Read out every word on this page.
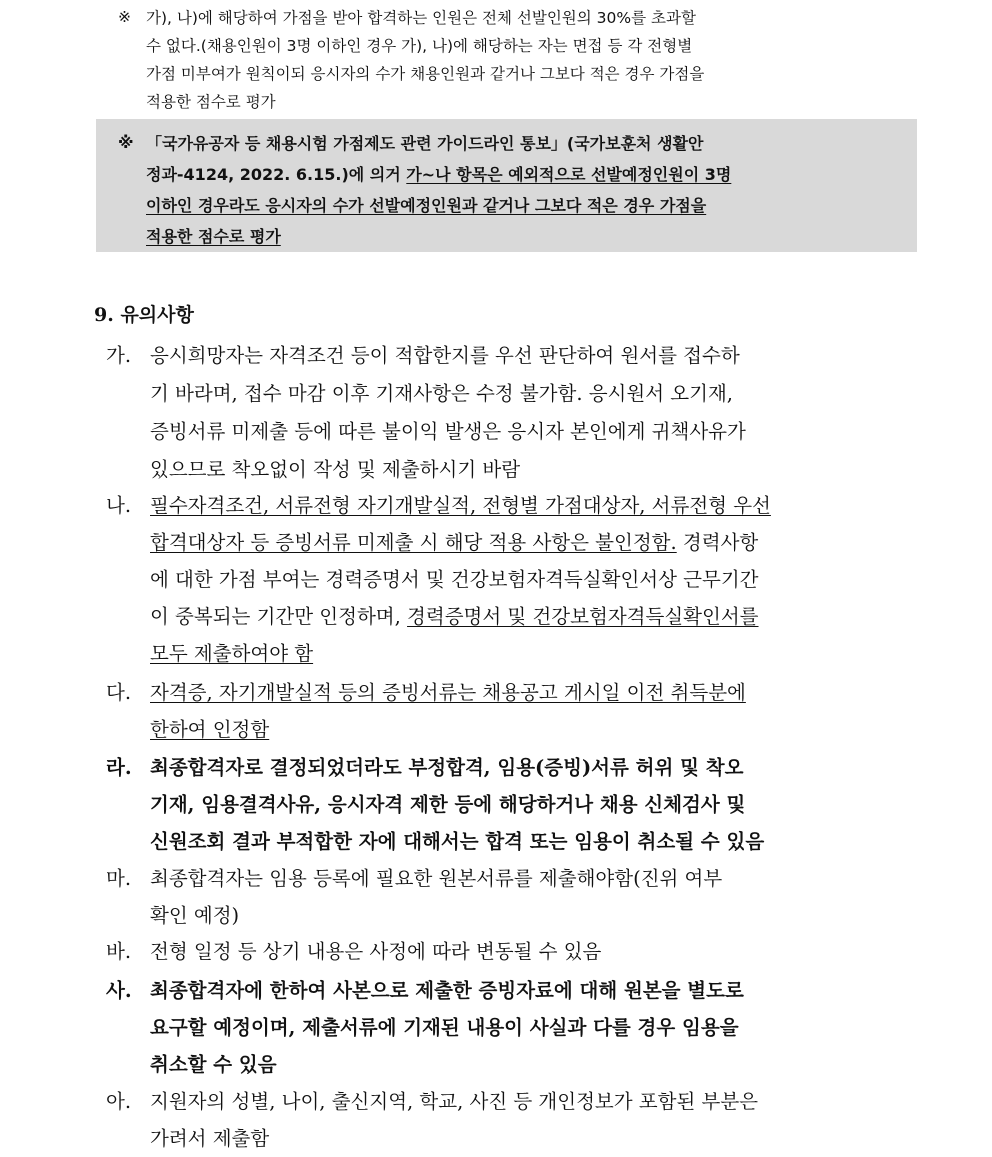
※ 가), 나)에 해당하여 가점을 받아 합격하는 인원은 전체 선발인원의 30%를 초과할
수 없다.(채용인원이 3명 이하인 경우 가), 나)에 해당하는 자는 면접 등 각 전형별
가점 미부여가 원칙이되 응시자의 수가 채용인원과 같거나 그보다 적은 경우 가점을
적용한 점수로 평가
※ 「국가유공자 등 채용시험 가점제도 관련 가이드라인 통보」(국가보훈처 생활안
정과-4124, 2022. 6.15.)에 의거 가∼나 항목은 예외적으로 선발예정인원이 3명
이하인 경우라도 응시자의 수가 선발예정인원과 같거나 그보다 적은 경우 가점을
적용한 점수로 평가
9. 유의사항
가. 응시희망자는 자격조건 등이 적합한지를 우선 판단하여 원서를 접수하
기 바라며, 접수 마감 이후 기재사항은 수정 불가함. 응시원서 오기재,
증빙서류 미제출 등에 따른 불이익 발생은 응시자 본인에게 귀책사유가
있으므로 착오없이 작성 및 제출하시기 바람
나. 필수자격조건, 서류전형 자기개발실적, 전형별 가점대상자, 서류전형 우선
합격대상자 등 증빙서류 미제출 시 해당 적용 사항은 불인정함. 경력사항
에 대한 가점 부여는 경력증명서 및 건강보험자격득실확인서상 근무기간
이 중복되는 기간만 인정하며, 경력증명서 및 건강보험자격득실확인서를
모두 제출하여야 함
다. 자격증, 자기개발실적 등의 증빙서류는 채용공고 게시일 이전 취득분에
한하여 인정함
라. 최종합격자로 결정되었더라도 부정합격, 임용(증빙)서류 허위 및 착오
기재, 임용결격사유, 응시자격 제한 등에 해당하거나 채용 신체검사 및
신원조회 결과 부적합한 자에 대해서는 합격 또는 임용이 취소될 수 있음
마. 최종합격자는 임용 등록에 필요한 원본서류를 제출해야함(진위 여부
확인 예정)
바. 전형 일정 등 상기 내용은 사정에 따라 변동될 수 있음
사. 최종합격자에 한하여 사본으로 제출한 증빙자료에 대해 원본을 별도로
요구할 예정이며, 제출서류에 기재된 내용이 사실과 다를 경우 임용을
취소할 수 있음
아. 지원자의 성별, 나이, 출신지역, 학교, 사진 등 개인정보가 포함된 부분은
가려서 제출함
